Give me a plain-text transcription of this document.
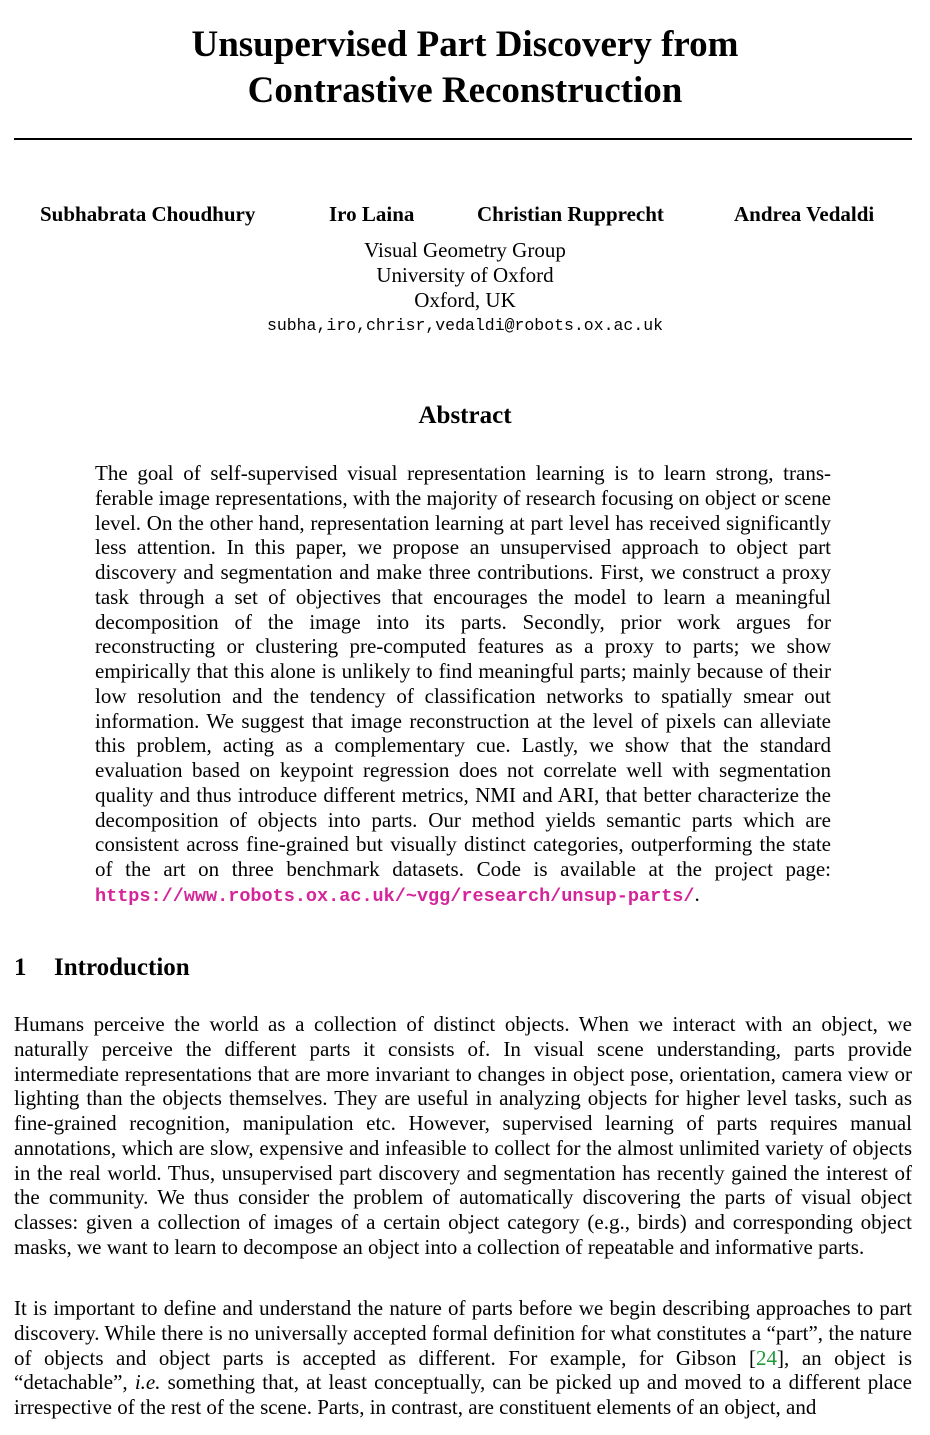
Unsupervised Part Discovery from
Contrastive Reconstruction
Subhabrata Choudhury	Iro Laina	Christian Rupprecht	Andrea Vedaldi
Visual Geometry Group
University of Oxford
Oxford, UK
subha,iro,chrisr,vedaldi@robots.ox.ac.uk
Abstract
The goal of self-supervised visual representation learning is to learn strong, transferable image representations, with the majority of research focusing on object or scene level. On the other hand, representation learning at part level has received significantly less attention. In this paper, we propose an unsupervised approach to object part discovery and segmentation and make three contributions. First, we construct a proxy task through a set of objectives that encourages the model to learn a meaningful decomposition of the image into its parts. Secondly, prior work argues for reconstructing or clustering pre-computed features as a proxy to parts; we show empirically that this alone is unlikely to find meaningful parts; mainly because of their low resolution and the tendency of classification networks to spatially smear out information. We suggest that image reconstruction at the level of pixels can alleviate this problem, acting as a complementary cue. Lastly, we show that the standard evaluation based on keypoint regression does not correlate well with segmentation quality and thus introduce different metrics, NMI and ARI, that better characterize the decomposition of objects into parts. Our method yields semantic parts which are consistent across fine-grained but visually distinct categories, outperforming the state of the art on three benchmark datasets. Code is available at the project page: https://www.robots.ox.ac.uk/~vgg/research/unsup-parts/.
1 Introduction

Humans perceive the world as a collection of distinct objects. When we interact with an object, we naturally perceive the different parts it consists of. In visual scene understanding, parts provide intermediate representations that are more invariant to changes in object pose, orientation, camera view or lighting than the objects themselves. They are useful in analyzing objects for higher level tasks, such as fine-grained recognition, manipulation etc. However, supervised learning of parts requires manual annotations, which are slow, expensive and infeasible to collect for the almost unlimited variety of objects in the real world. Thus, unsupervised part discovery and segmentation has recently gained the interest of the community. We thus consider the problem of automatically discovering the parts of visual object classes: given a collection of images of a certain object category (e.g., birds) and corresponding object masks, we want to learn to decompose an object into a collection of repeatable and informative parts.

It is important to define and understand the nature of parts before we begin describing approaches to part discovery. While there is no universally accepted formal definition for what constitutes a “part”, the nature of objects and object parts is accepted as different. For example, for Gibson [24], an object is “detachable”, i.e. something that, at least conceptually, can be picked up and moved to a different place irrespective of the rest of the scene. Parts, in contrast, are constituent elements of an object, and
